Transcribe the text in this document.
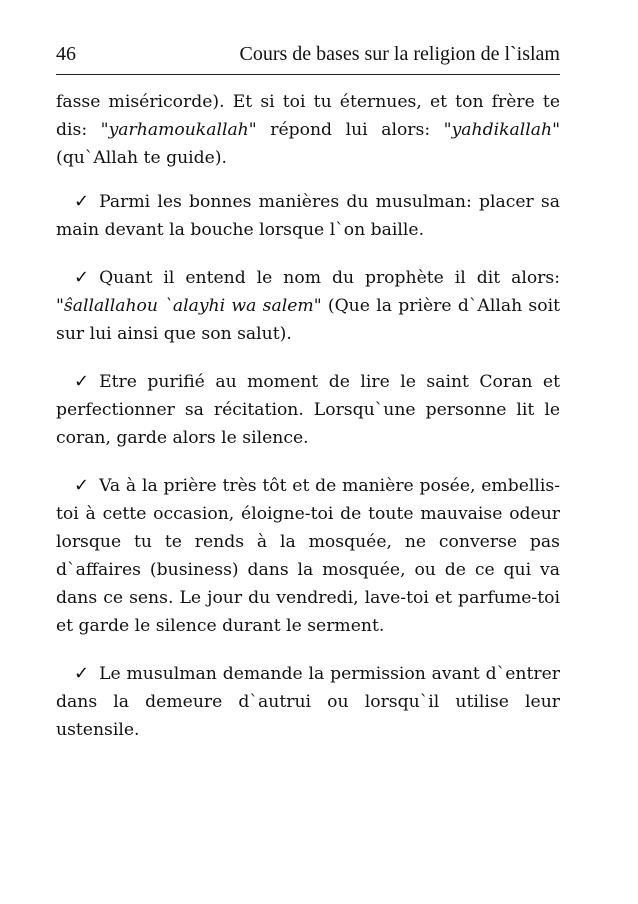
46	Cours de bases sur la religion de l`islam

fasse miséricorde). Et si toi tu éternues, et ton frère te dis: "yarhamoukallah" répond lui alors: "yahdikallah" (qu`Allah te guide).

✓ Parmi les bonnes manières du musulman: placer sa main devant la bouche lorsque l`on baille.

✓ Quant il entend le nom du prophète il dit alors: "ŝallallahou `alayhi wa salem" (Que la prière d`Allah soit sur lui ainsi que son salut).

✓ Etre purifié au moment de lire le saint Coran et perfectionner sa récitation. Lorsqu`une personne lit le coran, garde alors le silence.

✓ Va à la prière très tôt et de manière posée, embellis-toi à cette occasion, éloigne-toi de toute mauvaise odeur lorsque tu te rends à la mosquée, ne converse pas d`affaires (business) dans la mosquée, ou de ce qui va dans ce sens. Le jour du vendredi, lave-toi et parfume-toi et garde le silence durant le serment.

✓ Le musulman demande la permission avant d`entrer dans la demeure d`autrui ou lorsqu`il utilise leur ustensile.
